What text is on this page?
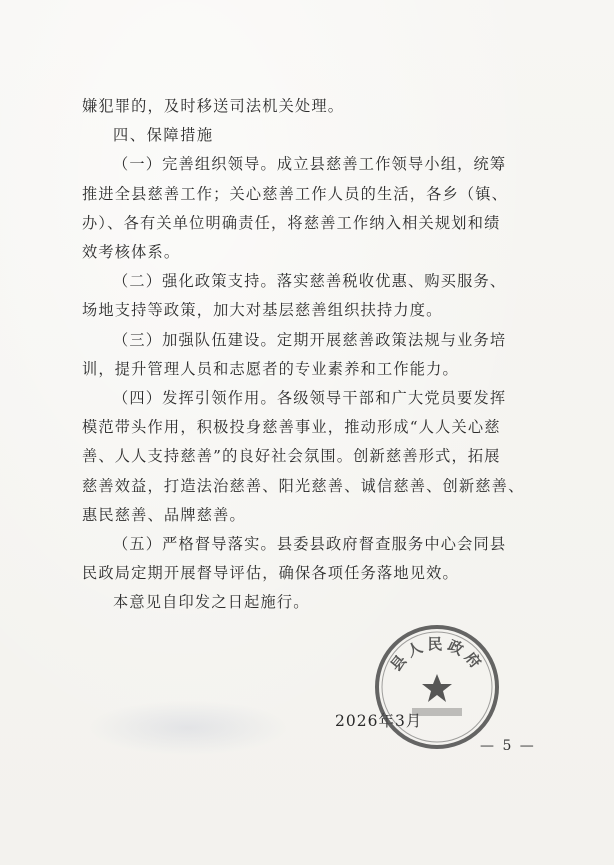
嫌犯罪的，及时移送司法机关处理。

四、保障措施

（一）完善组织领导。成立县慈善工作领导小组，统筹
推进全县慈善工作；关心慈善工作人员的生活，各乡（镇、
办）、各有关单位明确责任，将慈善工作纳入相关规划和绩
效考核体系。

（二）强化政策支持。落实慈善税收优惠、购买服务、
场地支持等政策，加大对基层慈善组织扶持力度。

（三）加强队伍建设。定期开展慈善政策法规与业务培
训，提升管理人员和志愿者的专业素养和工作能力。

（四）发挥引领作用。各级领导干部和广大党员要发挥
模范带头作用，积极投身慈善事业，推动形成“人人关心慈
善、人人支持慈善”的良好社会氛围。创新慈善形式，拓展
慈善效益，打造法治慈善、阳光慈善、诚信慈善、创新慈善、
惠民慈善、品牌慈善。

（五）严格督导落实。县委县政府督查服务中心会同县
民政局定期开展督导评估，确保各项任务落地见效。

本意见自印发之日起施行。

2026年3月
县人民政府
— 5 —
